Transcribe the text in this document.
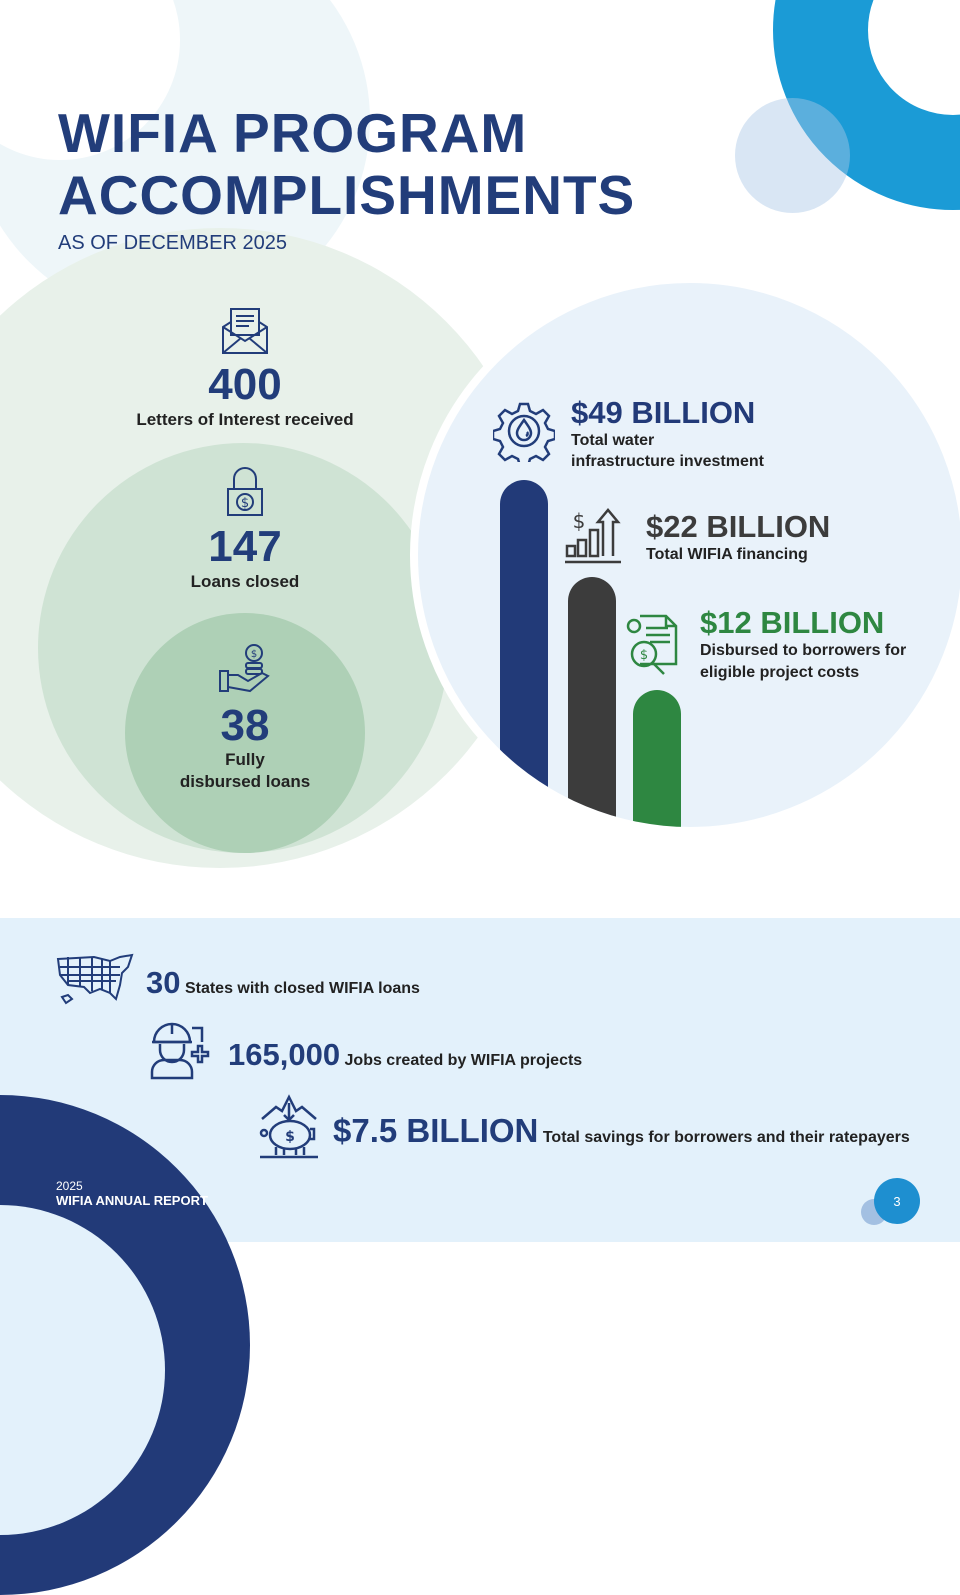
WIFIA PROGRAM
ACCOMPLISHMENTS
AS OF DECEMBER 2025
400
Letters of Interest received
$
147
Loans closed
$
38
Fully
disbursed loans
$49 BILLION
Total water
infrastructure investment
$ $22 BILLION
Total WIFIA financing
$
$12 BILLION
Disbursed to borrowers for
eligible project costs
30 States with closed WIFIA loans
165,000 Jobs created by WIFIA projects
$ $7.5 BILLION Total savings for borrowers and their ratepayers
2025
WIFIA ANNUAL REPORT	3
